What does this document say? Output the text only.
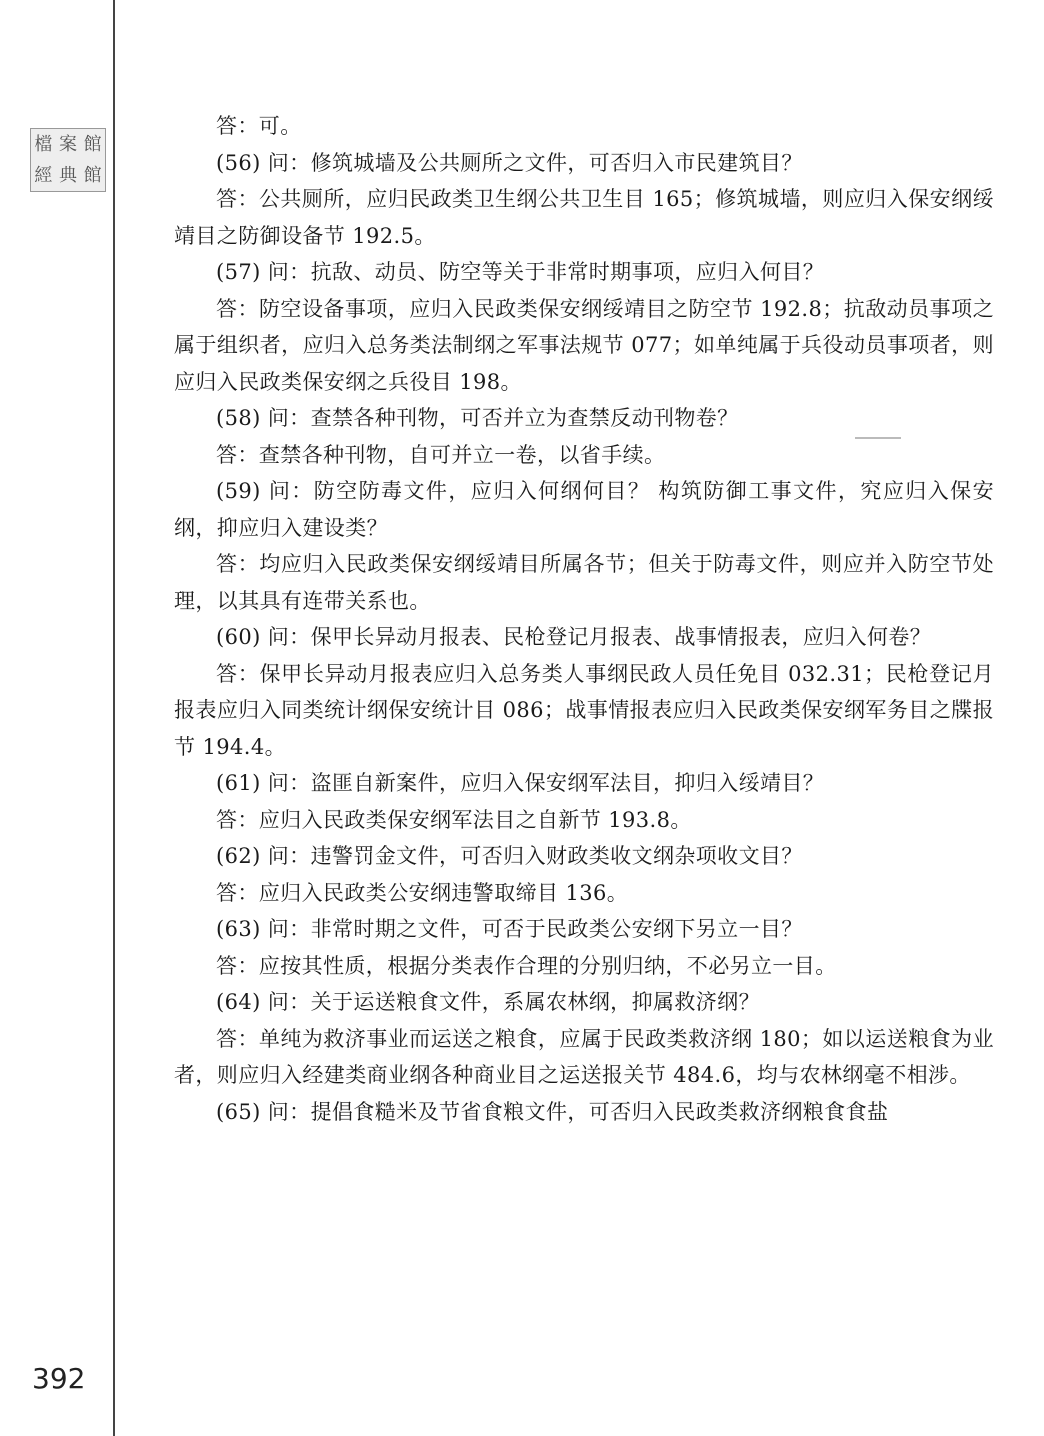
檔 案 館
經 典 館

答：可。

(56) 问：修筑城墙及公共厕所之文件，可否归入市民建筑目？

答：公共厕所，应归民政类卫生纲公共卫生目 165；修筑城墙，则应归入保安纲绥靖目之防御设备节 192.5。

(57) 问：抗敌、动员、防空等关于非常时期事项，应归入何目？

答：防空设备事项，应归入民政类保安纲绥靖目之防空节 192.8；抗敌动员事项之属于组织者，应归入总务类法制纲之军事法规节 077；如单纯属于兵役动员事项者，则应归入民政类保安纲之兵役目 198。

(58) 问：查禁各种刊物，可否并立为查禁反动刊物卷？

答：查禁各种刊物，自可并立一卷，以省手续。

(59) 问：防空防毒文件，应归入何纲何目？ 构筑防御工事文件，究应归入保安纲，抑应归入建设类？

答：均应归入民政类保安纲绥靖目所属各节；但关于防毒文件，则应并入防空节处理，以其具有连带关系也。

(60) 问：保甲长异动月报表、民枪登记月报表、战事情报表，应归入何卷？

答：保甲长异动月报表应归入总务类人事纲民政人员任免目 032.31；民枪登记月报表应归入同类统计纲保安统计目 086；战事情报表应归入民政类保安纲军务目之牒报节 194.4。

(61) 问：盗匪自新案件，应归入保安纲军法目，抑归入绥靖目？

答：应归入民政类保安纲军法目之自新节 193.8。

(62) 问：违警罚金文件，可否归入财政类收文纲杂项收文目？

答：应归入民政类公安纲违警取缔目 136。

(63) 问：非常时期之文件，可否于民政类公安纲下另立一目？

答：应按其性质，根据分类表作合理的分别归纳，不必另立一目。

(64) 问：关于运送粮食文件，系属农林纲，抑属救济纲？

答：单纯为救济事业而运送之粮食，应属于民政类救济纲 180；如以运送粮食为业者，则应归入经建类商业纲各种商业目之运送报关节 484.6，均与农林纲毫不相涉。

(65) 问：提倡食糙米及节省食粮文件，可否归入民政类救济纲粮食食盐

392
